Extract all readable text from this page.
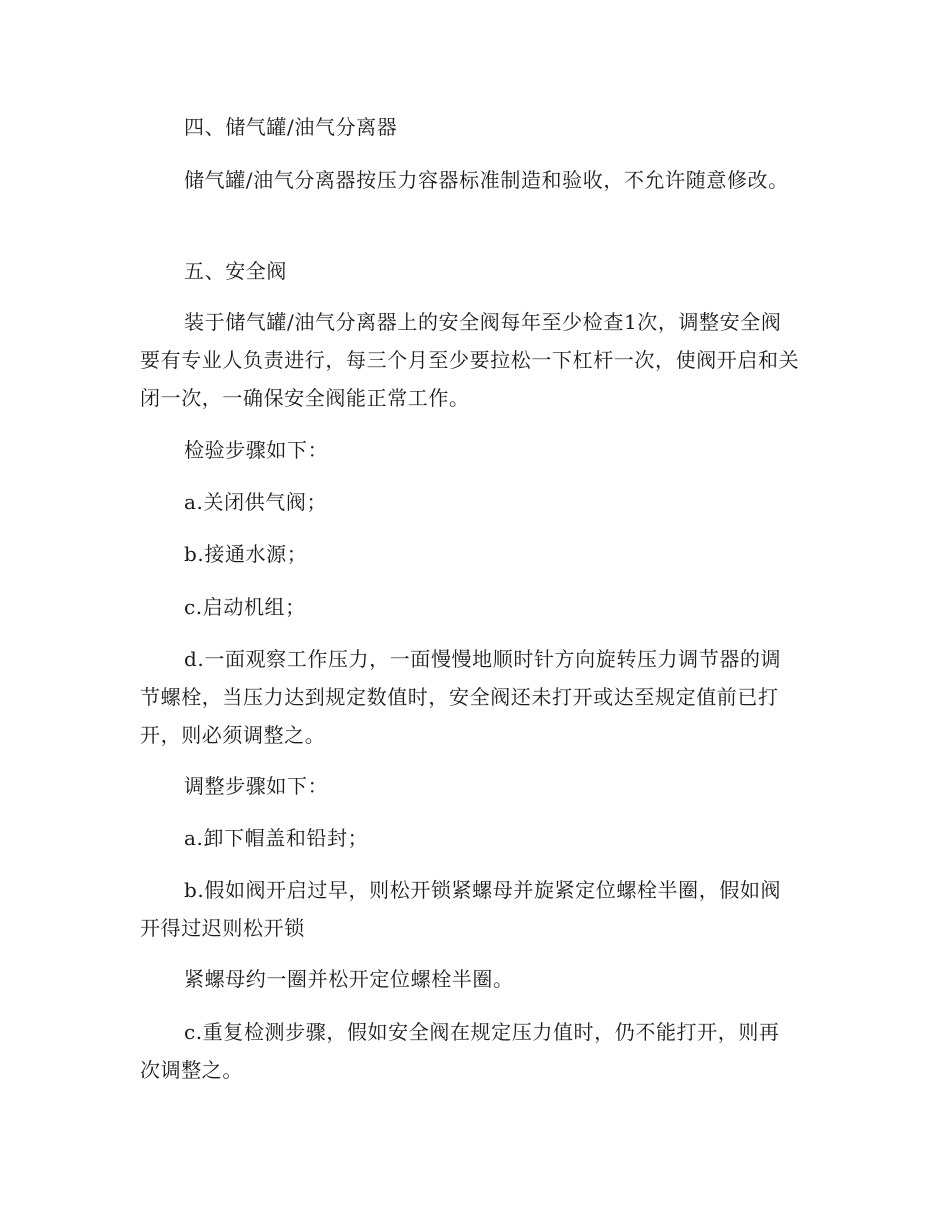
四、储气罐/油气分离器

储气罐/油气分离器按压力容器标准制造和验收，不允许随意修改。

五、安全阀

装于储气罐/油气分离器上的安全阀每年至少检查1次，调整安全阀要有专业人负责进行，每三个月至少要拉松一下杠杆一次，使阀开启和关闭一次，一确保安全阀能正常工作。

检验步骤如下：

a.关闭供气阀；

b.接通水源；

c.启动机组；

d.一面观察工作压力，一面慢慢地顺时针方向旋转压力调节器的调节螺栓，当压力达到规定数值时，安全阀还未打开或达至规定值前已打开，则必须调整之。

调整步骤如下：

a.卸下帽盖和铅封；

b.假如阀开启过早，则松开锁紧螺母并旋紧定位螺栓半圈，假如阀开得过迟则松开锁

紧螺母约一圈并松开定位螺栓半圈。

c.重复检测步骤，假如安全阀在规定压力值时，仍不能打开，则再次调整之。
